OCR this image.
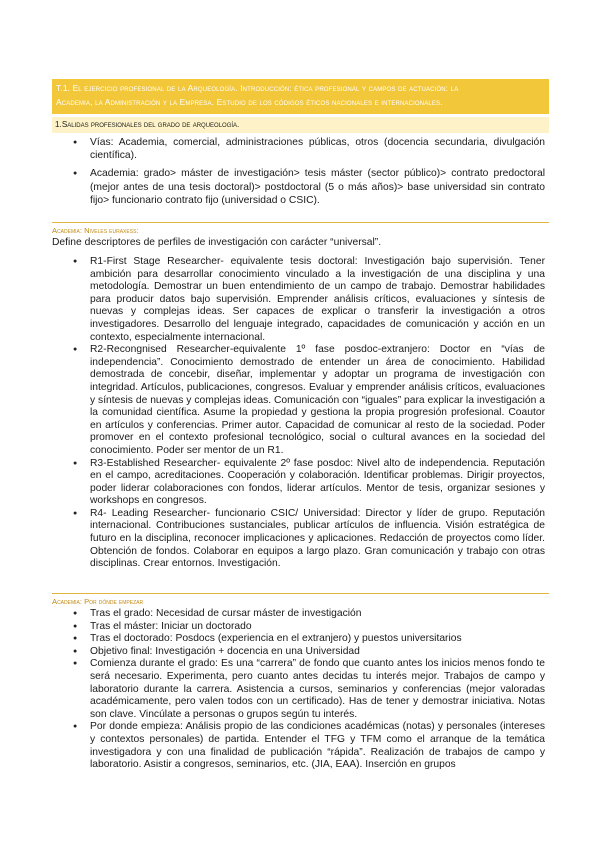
T.1. El ejercicio profesional de la Arqueología. Introducción: ética profesional y campos de actuación: la
Academia, la Administración y la Empresa. Estudio de los códigos éticos nacionales e internacionales.
1.Salidas profesionales del grado de arqueología.
● Vías: Academia, comercial, administraciones públicas, otros (docencia secundaria, divulgación científica).
● Academia: grado> máster de investigación> tesis máster (sector público)> contrato predoctoral (mejor antes de una tesis doctoral)> postdoctoral (5 o más años)> base universidad sin contrato fijo> funcionario contrato fijo (universidad o CSIC).
Academia: Niveles euraxess:
Define descriptores de perfiles de investigación con carácter “universal”.
● R1-First Stage Researcher- equivalente tesis doctoral: Investigación bajo supervisión. Tener ambición para desarrollar conocimiento vinculado a la investigación de una disciplina y una metodología. Demostrar un buen entendimiento de un campo de trabajo. Demostrar habilidades para producir datos bajo supervisión. Emprender análisis críticos, evaluaciones y síntesis de nuevas y complejas ideas. Ser capaces de explicar o transferir la investigación a otros investigadores. Desarrollo del lenguaje integrado, capacidades de comunicación y acción en un contexto, especialmente internacional.
● R2-Recongnised Researcher-equivalente 1º fase posdoc-extranjero: Doctor en “vías de independencia”. Conocimiento demostrado de entender un área de conocimiento. Habilidad demostrada de concebir, diseñar, implementar y adoptar un programa de investigación con integridad. Artículos, publicaciones, congresos. Evaluar y emprender análisis críticos, evaluaciones y síntesis de nuevas y complejas ideas. Comunicación con “iguales” para explicar la investigación a la comunidad científica. Asume la propiedad y gestiona la propia progresión profesional. Coautor en artículos y conferencias. Primer autor. Capacidad de comunicar al resto de la sociedad. Poder promover en el contexto profesional tecnológico, social o cultural avances en la sociedad del conocimiento. Poder ser mentor de un R1.
● R3-Established Researcher- equivalente 2º fase posdoc: Nivel alto de independencia. Reputación en el campo, acreditaciones. Cooperación y colaboración. Identificar problemas. Dirigir proyectos, poder liderar colaboraciones con fondos, liderar artículos. Mentor de tesis, organizar sesiones y workshops en congresos.
● R4- Leading Researcher- funcionario CSIC/ Universidad: Director y líder de grupo. Reputación internacional. Contribuciones sustanciales, publicar artículos de influencia. Visión estratégica de futuro en la disciplina, reconocer implicaciones y aplicaciones. Redacción de proyectos como líder. Obtención de fondos. Colaborar en equipos a largo plazo. Gran comunicación y trabajo con otras disciplinas. Crear entornos. Investigación.
Academia: Por dónde empezar
● Tras el grado: Necesidad de cursar máster de investigación
● Tras el máster: Iniciar un doctorado
● Tras el doctorado: Posdocs (experiencia en el extranjero) y puestos universitarios
● Objetivo final: Investigación + docencia en una Universidad
● Comienza durante el grado: Es una “carrera” de fondo que cuanto antes los inicios menos fondo te será necesario. Experimenta, pero cuanto antes decidas tu interés mejor. Trabajos de campo y laboratorio durante la carrera. Asistencia a cursos, seminarios y conferencias (mejor valoradas académicamente, pero valen todos con un certificado). Has de tener y demostrar iniciativa. Notas son clave. Vincúlate a personas o grupos según tu interés.
● Por donde empieza: Análisis propio de las condiciones académicas (notas) y personales (intereses y contextos personales) de partida. Entender el TFG y TFM como el arranque de la temática investigadora y con una finalidad de publicación “rápida”. Realización de trabajos de campo y laboratorio. Asistir a congresos, seminarios, etc. (JIA, EAA). Inserción en grupos
